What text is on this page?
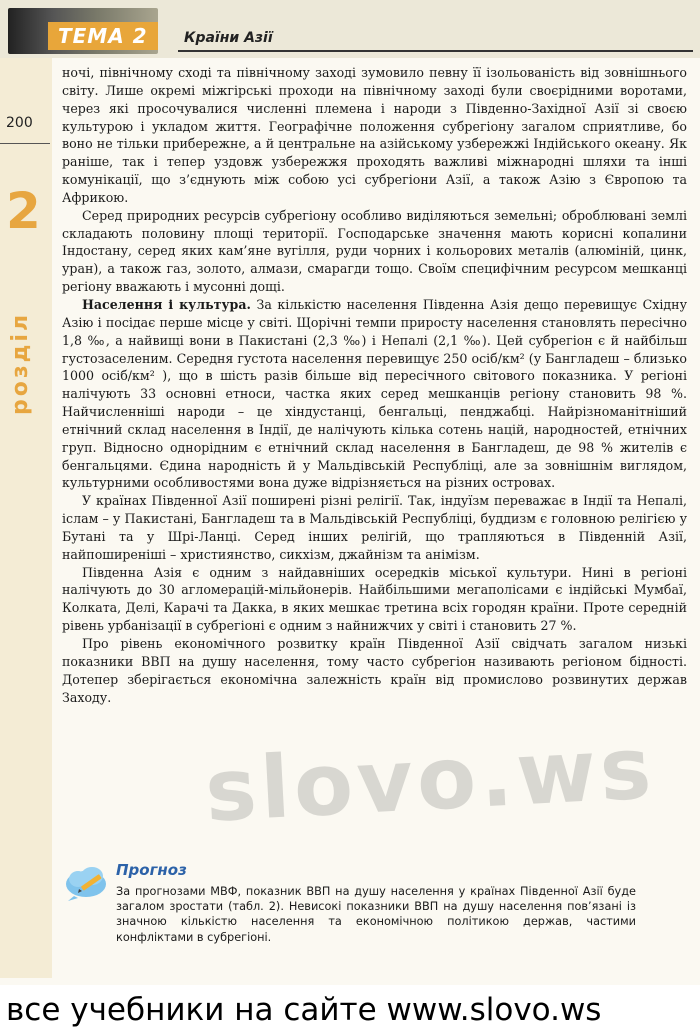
ТЕМА 2	Країни Азії
200
2
розділ

ночі, північному сході та північному заході зумовило певну її ізольованість від зовнішнього світу. Лише окремі міжгірські проходи на північному заході були своєрідними воротами, через які просочувалися численні племена і народи з Південно-Західної Азії зі своєю культурою і укладом життя. Географічне положення субрегіону загалом сприятливе, бо воно не тільки прибережне, а й центральне на азійському узбережжі Індійського океану. Як раніше, так і тепер уздовж узбережжя проходять важливі міжнародні шляхи та інші комунікації, що з’єднують між собою усі субрегіони Азії, а також Азію з Європою та Африкою.

Серед природних ресурсів субрегіону особливо виділяються земельні; оброблювані землі складають половину площі території. Господарське значення мають корисні копалини Індостану, серед яких кам’яне вугілля, руди чорних і кольорових металів (алюміній, цинк, уран), а також газ, золото, алмази, смарагди тощо. Своїм специфічним ресурсом мешканці регіону вважають і мусонні дощі.

Населення і культура. За кількістю населення Південна Азія дещо перевищує Східну Азію і посідає перше місце у світі. Щорічні темпи приросту населення становлять пересічно 1,8 ‰, а найвищі вони в Пакистані (2,3 ‰) і Непалі (2,1 ‰). Цей субрегіон є й найбільш густозаселеним. Середня густота населення перевищує 250 осіб/км² (у Бангладеш – близько 1000 осіб/км² ), що в шість разів більше від пересічного світового показника. У регіоні налічують 33 основні етноси, частка яких серед мешканців регіону становить 98 %. Найчисленніші народи – це хіндустанці, бенгальці, пенджабці. Найрізноманітніший етнічний склад населення в Індії, де налічують кілька сотень націй, народностей, етнічних груп. Відносно однорідним є етнічний склад населення в Бангладеш, де 98 % жителів є бенгальцями. Єдина народність й у Мальдівській Республіці, але за зовнішнім виглядом, культурними особливостями вона дуже відрізняється на різних островах.

У країнах Південної Азії поширені різні релігії. Так, індуїзм переважає в Індії та Непалі, іслам – у Пакистані, Бангладеш та в Мальдівській Республіці, буддизм є головною релігією у Бутані та у Шрі-Ланці. Серед інших релігій, що трапляються в Південній Азії, найпоширеніші – християнство, сикхізм, джайнізм та анімізм.

Південна Азія є одним з найдавніших осередків міської культури. Нині в регіоні налічують до 30 агломерацій-мільйонерів. Найбільшими мегаполісами є індійські Мумбаї, Колката, Делі, Карачі та Дакка, в яких мешкає третина всіх городян країни. Проте середній рівень урбанізації в субрегіоні є одним з найнижчих у світі і становить 27 %.

Про рівень економічного розвитку країн Південної Азії свідчать загалом низькі показники ВВП на душу населення, тому часто субрегіон називають регіоном бідності. Дотепер зберігається економічна залежність країн від промислово розвинутих держав Заходу.

slovo.ws
Прогноз
За прогнозами МВФ, показник ВВП на душу населення у країнах Південної Азії буде загалом зростати (табл. 2). Невисокі показники ВВП на душу населення пов’язані із значною кількістю населення та економічною політикою держав, частими конфліктами в субрегіоні.
все учебники на сайте www.slovo.ws
